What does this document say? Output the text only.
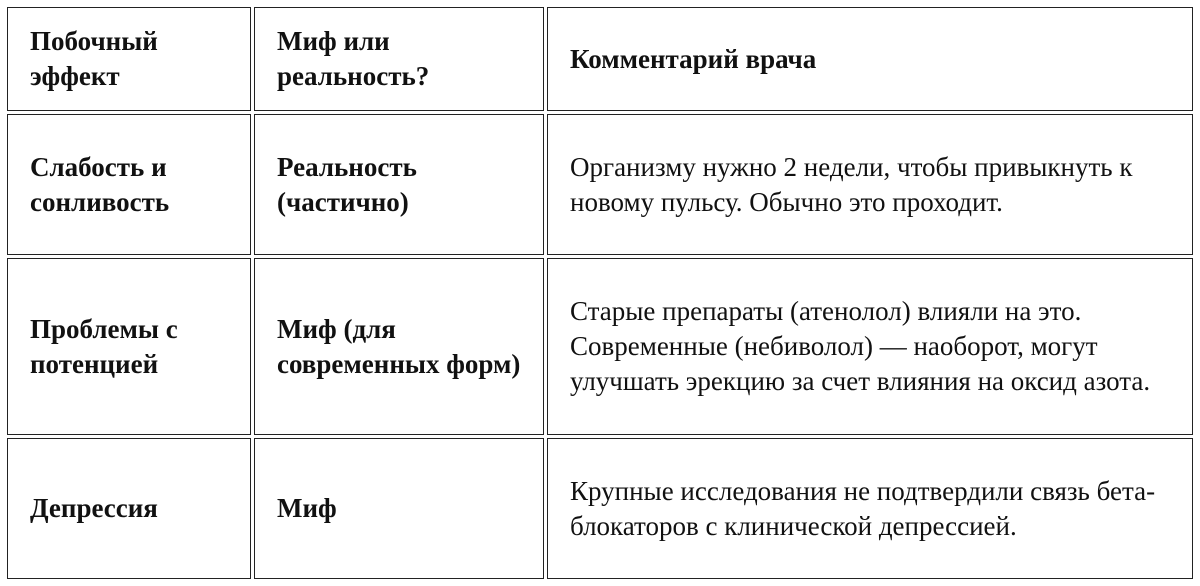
Побочный эффект	Миф или реальность?	Комментарий врача
Слабость и сонливость	Реальность (частично)	Организму нужно 2 недели, чтобы привыкнуть к новому пульсу. Обычно это проходит.
Проблемы с потенцией	Миф (для современных форм)	Старые препараты (атенолол) влияли на это. Современные (небиволол) — наоборот, могут улучшать эрекцию за счет влияния на оксид азота.
Депрессия	Миф	Крупные исследования не подтвердили связь бета-блокаторов с клинической депрессией.
